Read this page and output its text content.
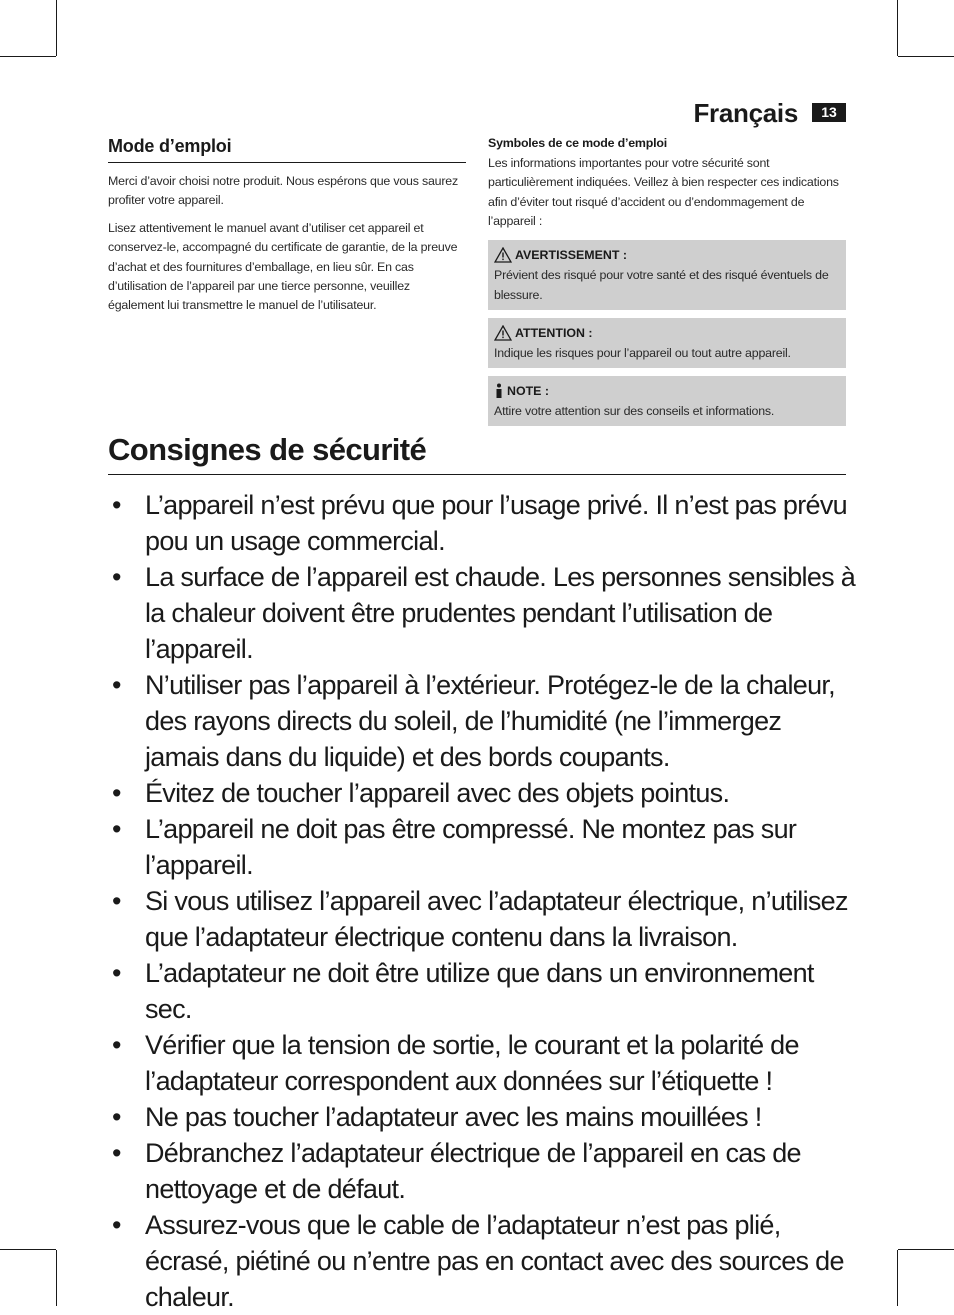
Français	13
Mode d’emploi

Merci d’avoir choisi notre produit. Nous espérons que vous saurez profiter votre appareil.

Lisez attentivement le manuel avant d’utiliser cet appareil et conservez-le, accompagné du certificate de garantie, de la preuve d’achat et des fournitures d’emballage, en lieu sûr. En cas d’utilisation de l’appareil par une tierce personne, veuillez également lui transmettre le manuel de l’utilisateur.

Symboles de ce mode d’emploi

Les informations importantes pour votre sécurité sont particulièrement indiquées. Veillez à bien respecter ces indications afin d’éviter tout risqué d’accident ou d’endommagement de l’appareil :

AVERTISSEMENT :
Prévient des risqué pour votre santé et des risqué éventuels de blessure.
ATTENTION :
Indique les risques pour l’appareil ou tout autre appareil.
NOTE :
Attire votre attention sur des conseils et informations.
Consignes de sécurité
• L’appareil n’est prévu que pour l’usage privé. Il n’est pas prévu pou un usage commercial.
• La surface de l’appareil est chaude. Les personnes sensibles à la chaleur doivent être prudentes pendant l’utilisation de l’appareil.
• N’utiliser pas l’appareil à l’extérieur. Protégez-le de la chaleur, des rayons directs du soleil, de l’humidité (ne l’immergez jamais dans du liquide) et des bords coupants.
• Évitez de toucher l’appareil avec des objets pointus.
• L’appareil ne doit pas être compressé. Ne montez pas sur l’appareil.
• Si vous utilisez l’appareil avec l’adaptateur électrique, n’utilisez que l’adaptateur électrique contenu dans la livraison.
• L’adaptateur ne doit être utilize que dans un environnement sec.
• Vérifier que la tension de sortie, le courant et la polarité de l’adaptateur correspondent aux données sur l’étiquette !
• Ne pas toucher l’adaptateur avec les mains mouillées !
• Débranchez l’adaptateur électrique de l’appareil en cas de nettoyage et de défaut.
• Assurez-vous que le cable de l’adaptateur n’est pas plié, écrasé, piétiné ou n’entre pas en contact avec des sources de chaleur.
